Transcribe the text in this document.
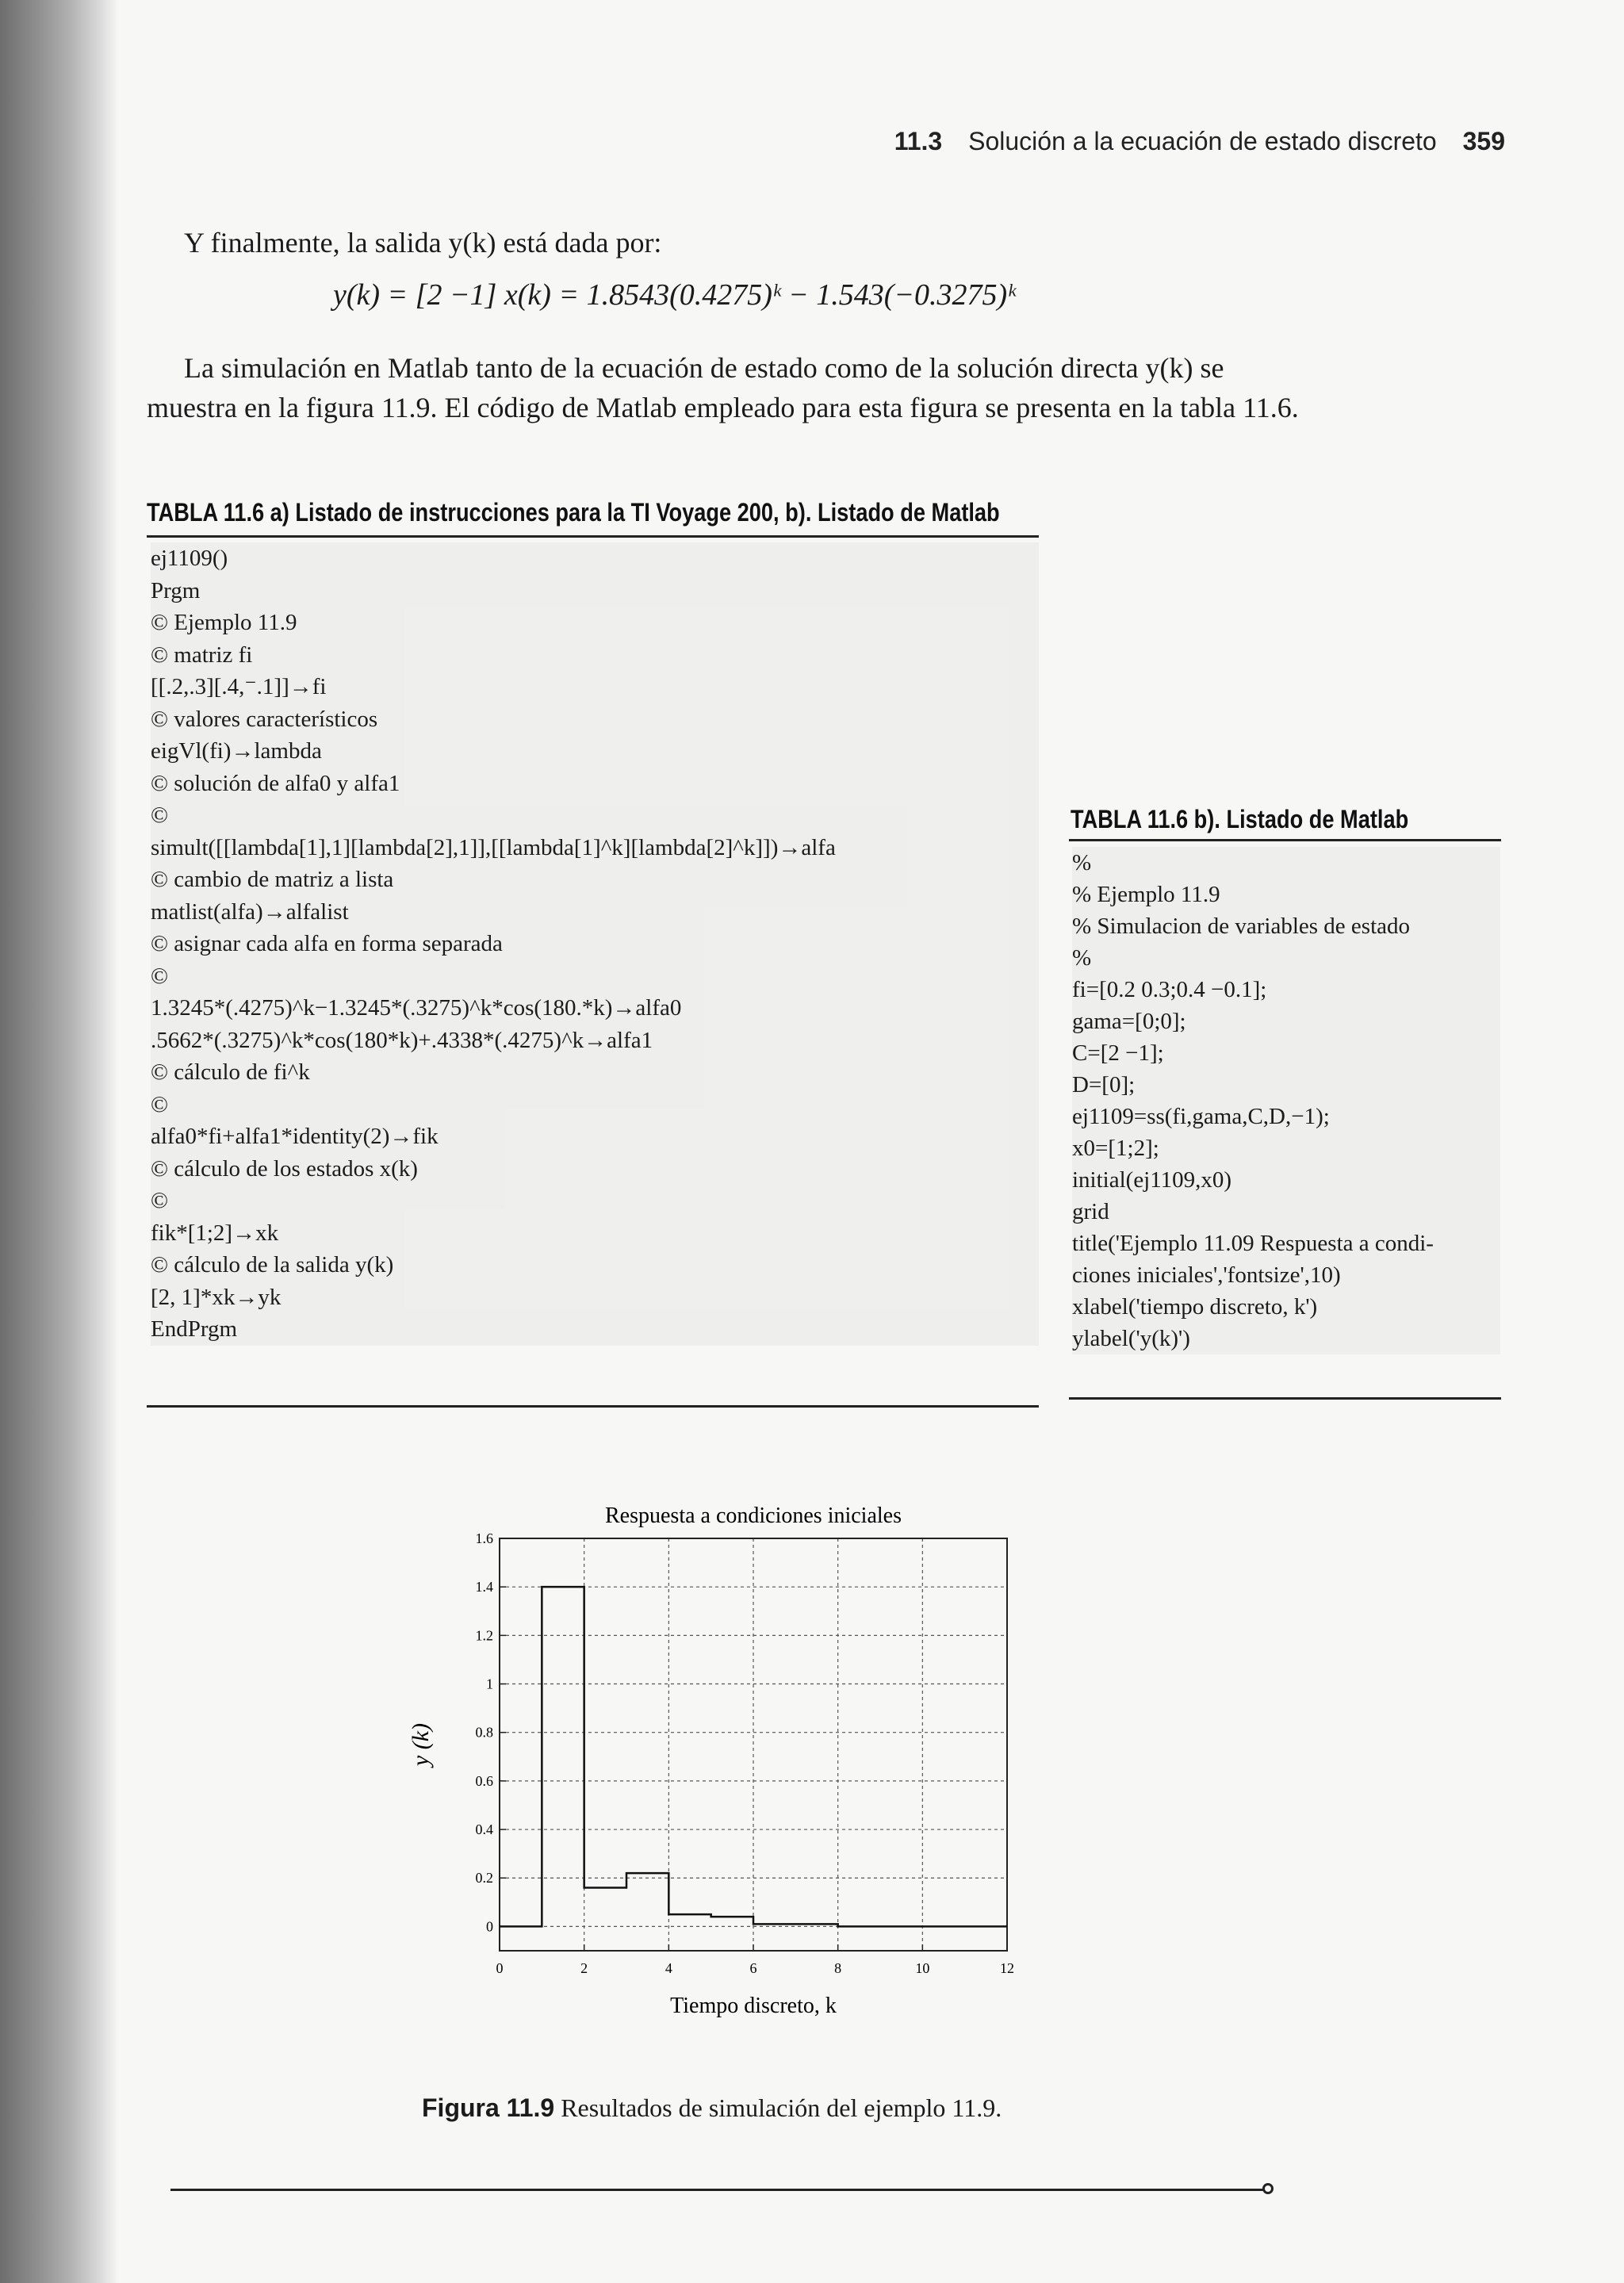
11.3 Solución a la ecuación de estado discreto 359
Y finalmente, la salida y(k) está dada por:
y(k) = [2 −1] x(k) = 1.8543(0.4275)ᵏ − 1.543(−0.3275)ᵏ
La simulación en Matlab tanto de la ecuación de estado como de la solución directa y(k) se
muestra en la figura 11.9. El código de Matlab empleado para esta figura se presenta en la tabla 11.6.
TABLA 11.6 a) Listado de instrucciones para la TI Voyage 200, b). Listado de Matlab
ej1109()
Prgm
© Ejemplo 11.9
© matriz fi
[[.2,.3][.4,⁻.1]]→fi
© valores característicos
eigVl(fi)→lambda
© solución de alfa0 y alfa1
©
simult([[lambda[1],1][lambda[2],1]],[[lambda[1]^k][lambda[2]^k]])→alfa
© cambio de matriz a lista
matlist(alfa)→alfalist
© asignar cada alfa en forma separada
©
1.3245*(.4275)^k−1.3245*(.3275)^k*cos(180.*k)→alfa0
.5662*(.3275)^k*cos(180*k)+.4338*(.4275)^k→alfa1
© cálculo de fi^k
©
alfa0*fi+alfa1*identity(2)→fik
© cálculo de los estados x(k)
©
fik*[1;2]→xk
© cálculo de la salida y(k)
[2, 1]*xk→yk
EndPrgm
TABLA 11.6 b). Listado de Matlab
%
% Ejemplo 11.9
% Simulacion de variables de estado
%
fi=[0.2 0.3;0.4 −0.1];
gama=[0;0];
C=[2 −1];
D=[0];
ej1109=ss(fi,gama,C,D,−1);
x0=[1;2];
initial(ej1109,x0)
grid
title('Ejemplo 11.09 Respuesta a condi-
ciones iniciales','fontsize',10)
xlabel('tiempo discreto, k')
ylabel('y(k)')
0	2	4	6	8	10	12
0
0.2
0.4
0.6
0.8
1
1.2
1.4
1.6
Respuesta a condiciones iniciales
Tiempo discreto, k
y (k)
Figura 11.9 Resultados de simulación del ejemplo 11.9.
